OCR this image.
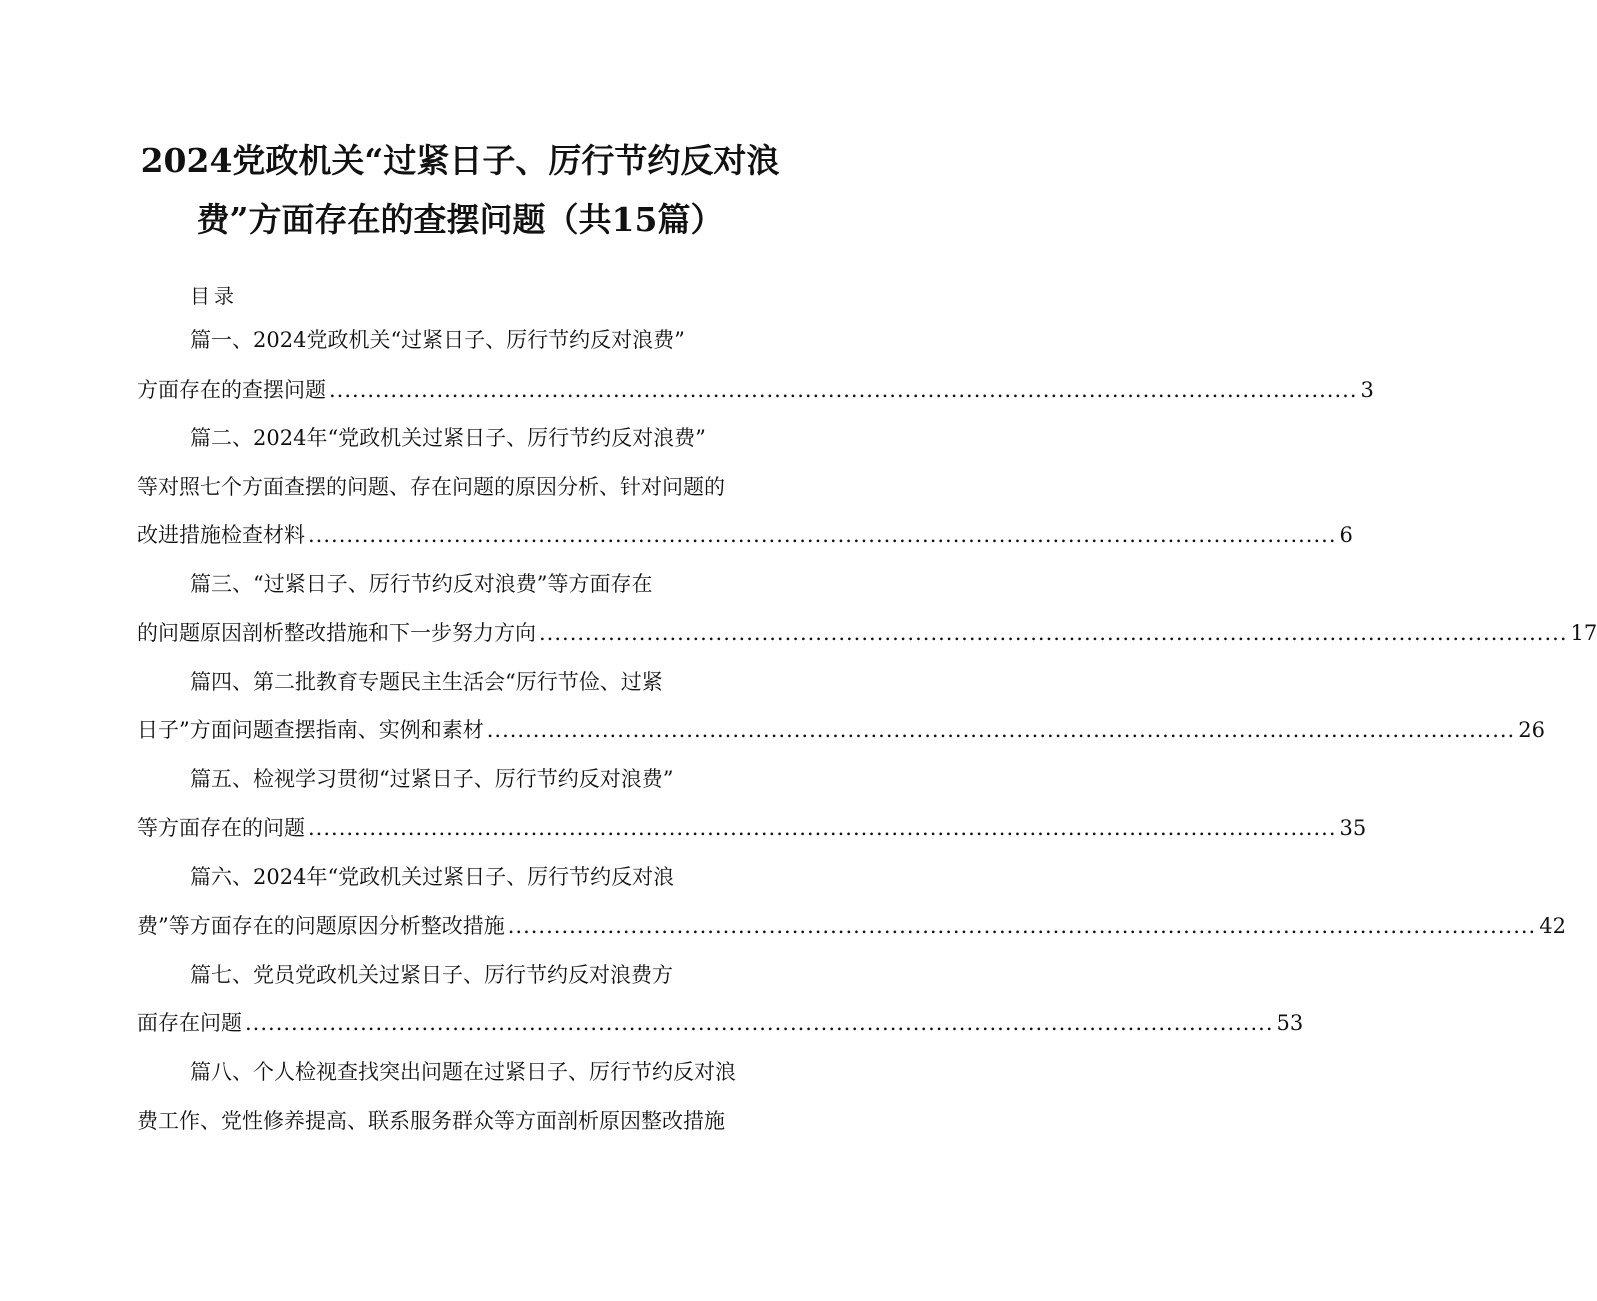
2024党政机关“过紧日子、厉行节约反对浪
费”方面存在的查摆问题（共15篇）
目录
篇一、2024党政机关“过紧日子、厉行节约反对浪费”
方面存在的查摆问题 ...................................................................................................................................... 3
篇二、2024年“党政机关过紧日子、厉行节约反对浪费”
等对照七个方面查摆的问题、存在问题的原因分析、针对问题的
改进措施检查材料 ...................................................................................................................................... 6
篇三、“过紧日子、厉行节约反对浪费”等方面存在
的问题原因剖析整改措施和下一步努力方向 ...................................................................................................................................... 17
篇四、第二批教育专题民主生活会“厉行节俭、过紧
日子”方面问题查摆指南、实例和素材 ...................................................................................................................................... 26
篇五、检视学习贯彻“过紧日子、厉行节约反对浪费”
等方面存在的问题 ...................................................................................................................................... 35
篇六、2024年“党政机关过紧日子、厉行节约反对浪
费”等方面存在的问题原因分析整改措施 ...................................................................................................................................... 42
篇七、党员党政机关过紧日子、厉行节约反对浪费方
面存在问题 ...................................................................................................................................... 53
篇八、个人检视查找突出问题在过紧日子、厉行节约反对浪
费工作、党性修养提高、联系服务群众等方面剖析原因整改措施
